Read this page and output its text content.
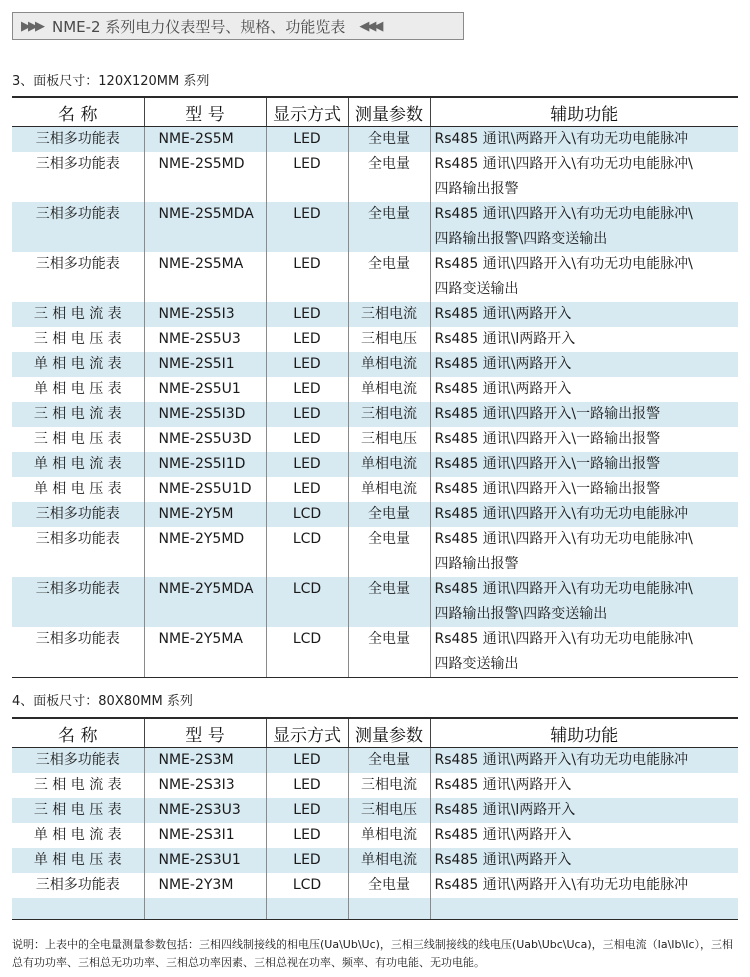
▶▶▶ NME-2 系列电力仪表型号、规格、功能览表 ◀◀◀
3、面板尺寸：120X120MM 系列
名 称	型 号	显示方式	测量参数	辅助功能
三相多功能表	NME-2S5M	LED	全电量	Rs485 通讯\两路开入\有功无功电能脉冲

三相多功能表	NME-2S5MD	LED	全电量	Rs485 通讯\四路开入\有功无功电能脉冲\
四路输出报警

三相多功能表	NME-2S5MDA	LED	全电量	Rs485 通讯\四路开入\有功无功电能脉冲\
四路输出报警\四路变送输出

三相多功能表	NME-2S5MA	LED	全电量	Rs485 通讯\四路开入\有功无功电能脉冲\
四路变送输出

三 相 电 流 表	NME-2S5I3	LED	三相电流	Rs485 通讯\两路开入

三 相 电 压 表	NME-2S5U3	LED	三相电压	Rs485 通讯\l两路开入

单 相 电 流 表	NME-2S5I1	LED	单相电流	Rs485 通讯\两路开入

单 相 电 压 表	NME-2S5U1	LED	单相电流	Rs485 通讯\两路开入

三 相 电 流 表	NME-2S5I3D	LED	三相电流	Rs485 通讯\四路开入\一路输出报警

三 相 电 压 表	NME-2S5U3D	LED	三相电压	Rs485 通讯\四路开入\一路输出报警

单 相 电 流 表	NME-2S5I1D	LED	单相电流	Rs485 通讯\四路开入\一路输出报警

单 相 电 压 表	NME-2S5U1D	LED	单相电流	Rs485 通讯\四路开入\一路输出报警

三相多功能表	NME-2Y5M	LCD	全电量	Rs485 通讯\四路开入\有功无功电能脉冲

三相多功能表	NME-2Y5MD	LCD	全电量	Rs485 通讯\四路开入\有功无功电能脉冲\
四路输出报警

三相多功能表	NME-2Y5MDA	LCD	全电量	Rs485 通讯\四路开入\有功无功电能脉冲\
四路输出报警\四路变送输出

三相多功能表	NME-2Y5MA	LCD	全电量	Rs485 通讯\四路开入\有功无功电能脉冲\
四路变送输出
4、面板尺寸：80X80MM 系列
名 称	型 号	显示方式	测量参数	辅助功能
三相多功能表	NME-2S3M	LED	全电量	Rs485 通讯\两路开入\有功无功电能脉冲

三 相 电 流 表	NME-2S3I3	LED	三相电流	Rs485 通讯\两路开入

三 相 电 压 表	NME-2S3U3	LED	三相电压	Rs485 通讯\l两路开入

单 相 电 流 表	NME-2S3I1	LED	单相电流	Rs485 通讯\两路开入

单 相 电 压 表	NME-2S3U1	LED	单相电流	Rs485 通讯\两路开入

三相多功能表	NME-2Y3M	LCD	全电量	Rs485 通讯\两路开入\有功无功电能脉冲

说明：上表中的全电量测量参数包括：三相四线制接线的相电压(Ua\Ub\Uc)，三相三线制接线的线电压(Uab\Ubc\Uca)，三相电流（Ia\Ib\Ic），三相总有功功率、三相总无功功率、三相总功率因素、三相总视在功率、频率、有功电能、无功电能。
